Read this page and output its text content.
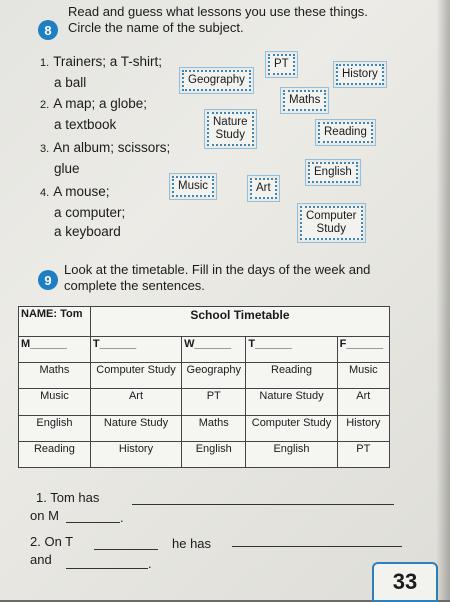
8
Read and guess what lessons you use these things.
Circle the name of the subject.
1. Trainers; a T-shirt;
a ball
2. A map; a globe;
a textbook
3. An album; scissors;
glue
4. A mouse;
a computer;
a keyboard
Geography
PT
History
Maths
Nature
Study	Reading
English
Music	Art
Computer
Study
9
Look at the timetable. Fill in the days of the week and
complete the sentences.
NAME: Tom	School Timetable			
M______	T______	W______	T______	F______
Maths	Computer Study	Geography	Reading	Music
Music	Art	PT	Nature Study	Art
English	Nature Study	Maths	Computer Study	History
Reading	History	English	English	PT
1. Tom has
on M	.
2. On T	he has
and	.
33
